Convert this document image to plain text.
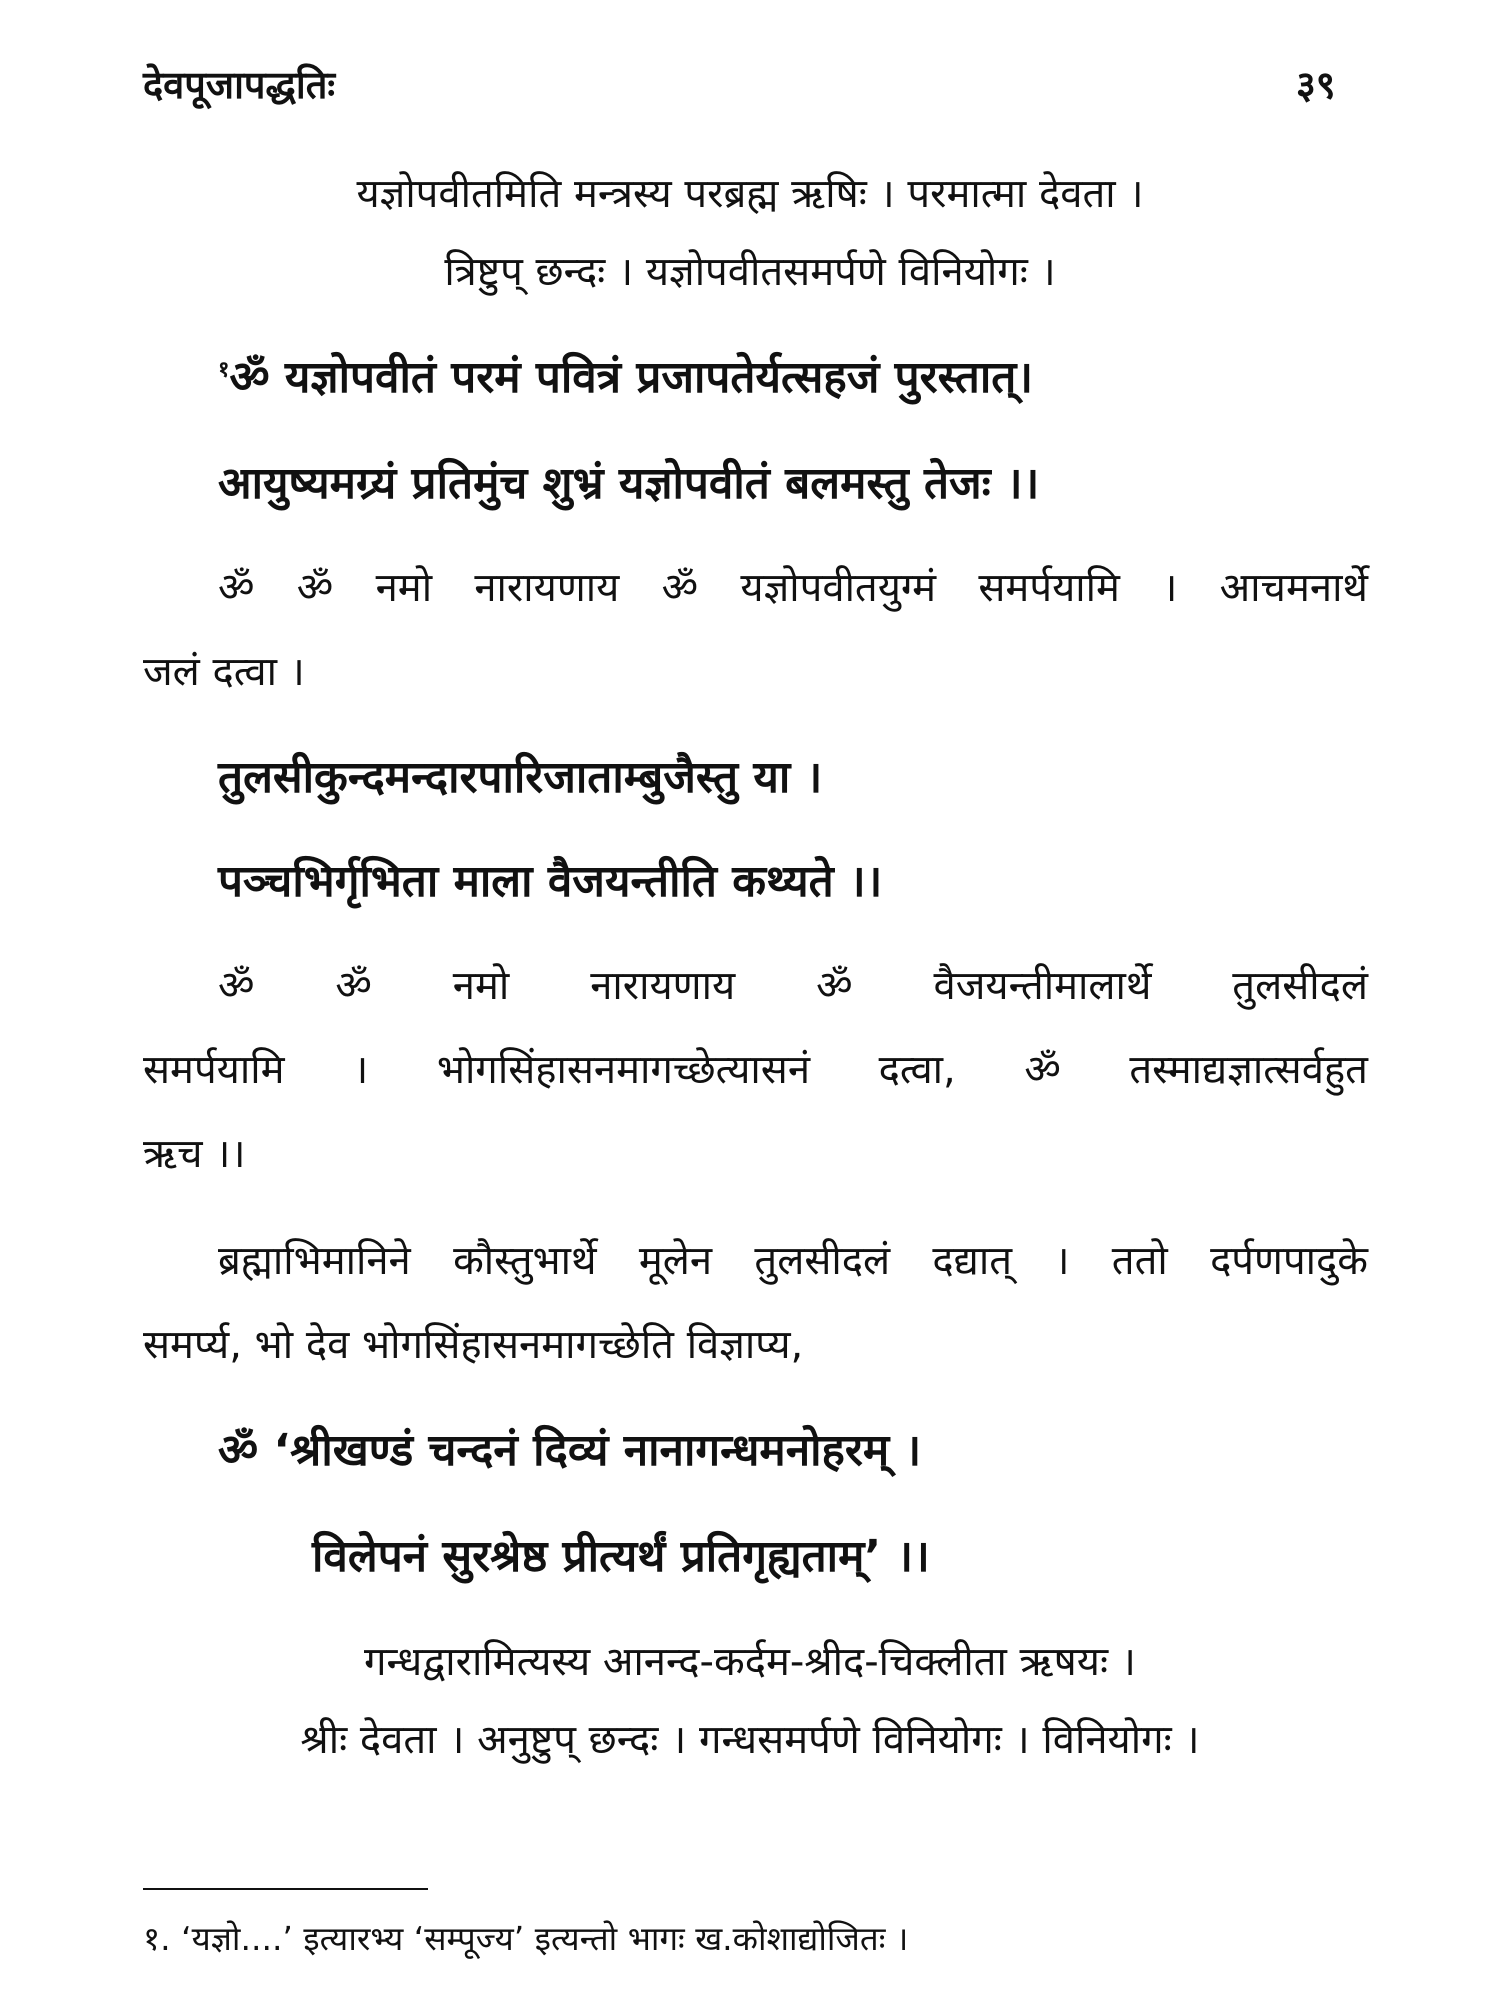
देवपूजापद्धतिः	३९
यज्ञोपवीतमिति मन्त्रस्य परब्रह्म ऋषिः । परमात्मा देवता ।
त्रिष्टुप् छन्दः । यज्ञोपवीतसमर्पणे विनियोगः ।
$^१$ॐ यज्ञोपवीतं परमं पवित्रं प्रजापतेर्यत्सहजं पुरस्तात्।
आयुष्यमग्र्यं प्रतिमुंच शुभ्रं यज्ञोपवीतं बलमस्तु तेजः ।।
ॐ ॐ नमो नारायणाय ॐ यज्ञोपवीतयुग्मं समर्पयामि । आचमनार्थे
जलं दत्वा ।
तुलसीकुन्दमन्दारपारिजाताम्बुजैस्तु या ।
पञ्चभिर्गृभिता माला वैजयन्तीति कथ्यते ।।
ॐ ॐ नमो नारायणाय ॐ वैजयन्तीमालार्थे तुलसीदलं
समर्पयामि । भोगसिंहासनमागच्छेत्यासनं दत्वा, ॐ तस्माद्यज्ञात्सर्वहुत
ऋच ।।
ब्रह्माभिमानिने कौस्तुभार्थे मूलेन तुलसीदलं दद्यात् । ततो दर्पणपादुके
समर्प्य, भो देव भोगसिंहासनमागच्छेति विज्ञाप्य,
ॐ ‘श्रीखण्डं चन्दनं दिव्यं नानागन्धमनोहरम् ।
विलेपनं सुरश्रेष्ठ प्रीत्यर्थं प्रतिगृह्यताम्’ ।।
गन्धद्वारामित्यस्य आनन्द-कर्दम-श्रीद-चिक्लीता ऋषयः ।
श्रीः देवता । अनुष्टुप् छन्दः । गन्धसमर्पणे विनियोगः । विनियोगः ।
१. ‘यज्ञो....’ इत्यारभ्य ‘सम्पूज्य’ इत्यन्तो भागः ख.कोशाद्योजितः ।
